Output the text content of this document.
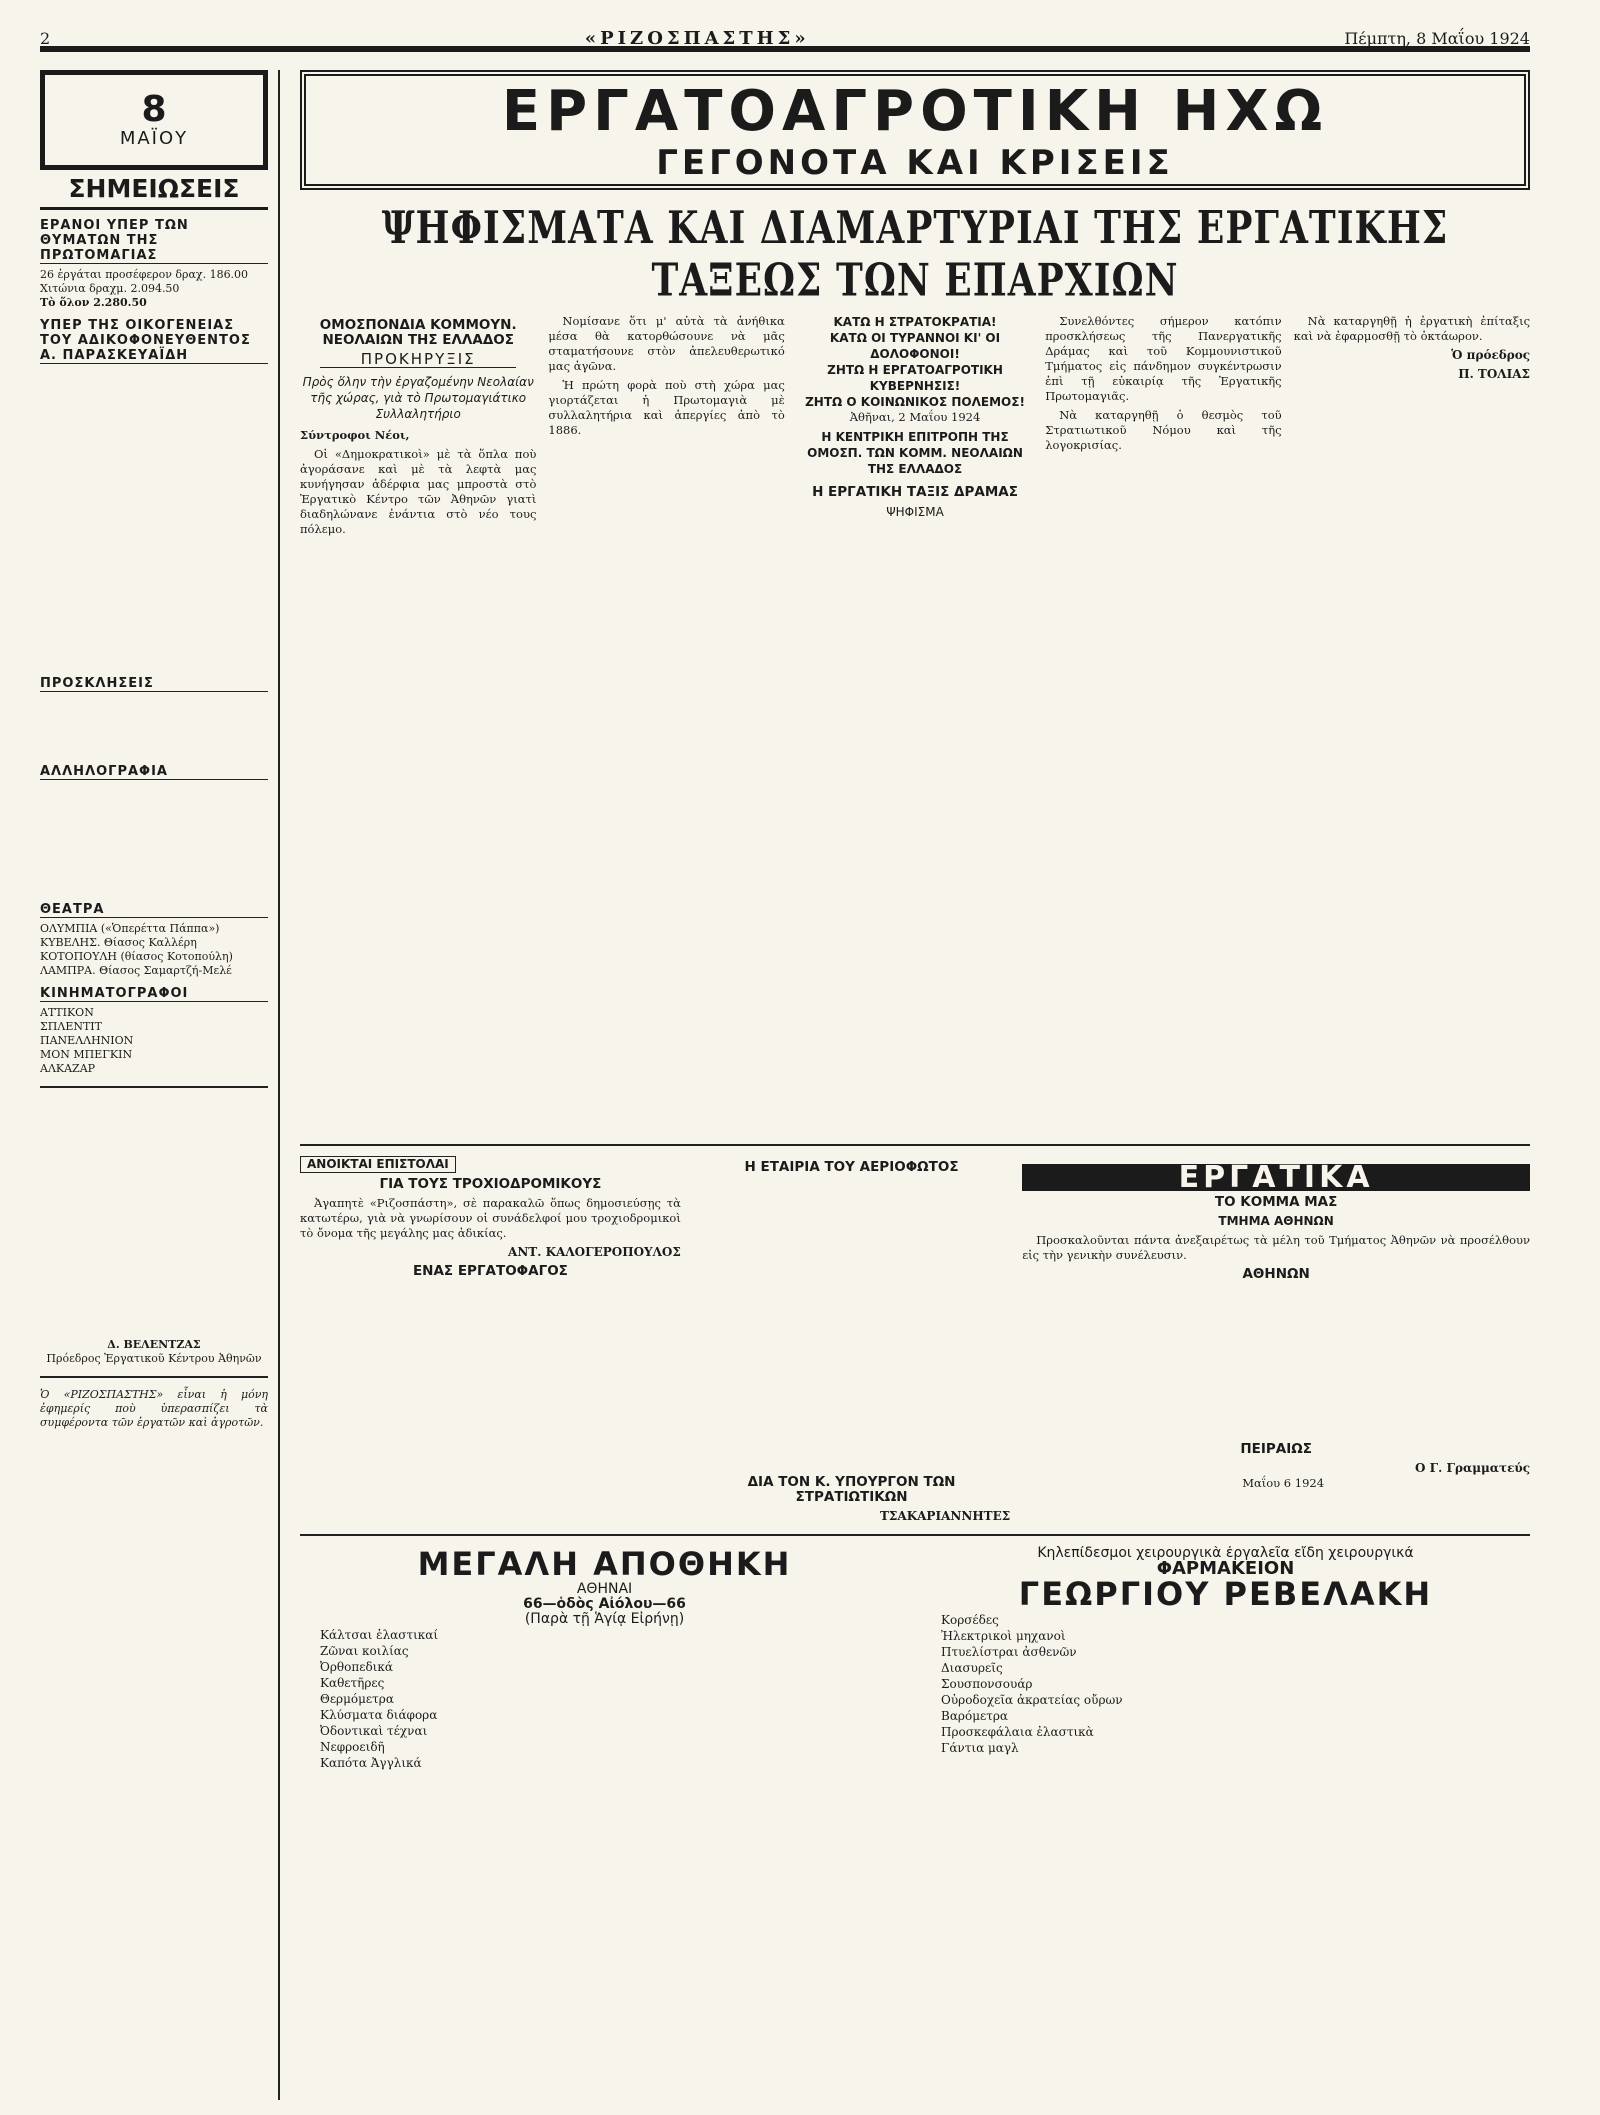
2	«ΡΙΖΟΣΠΑΣΤΗΣ»	Πέμπτη, 8 Μαΐου 1924
8
ΜΑΪΟΥ
ΣΗΜΕΙΩΣΕΙΣ
ΕΡΑΝΟΙ ΥΠΕΡ ΤΩΝ ΘΥΜΑΤΩΝ ΤΗΣ ΠΡΩΤΟΜΑΓΙΑΣ
26 ἐργάται προσέφερον δραχ. 186.00
Χιτώνια δραχμ. 2.094.50
Τὸ ὅλον 2.280.50
ΥΠΕΡ ΤΗΣ ΟΙΚΟΓΕΝΕΙΑΣ ΤΟΥ ΑΔΙΚΟΦΟΝΕΥΘΕΝΤΟΣ Α. ΠΑΡΑΣΚΕΥΑΪΔΗ
ΠΡΟΣΚΛΗΣΕΙΣ
ΑΛΛΗΛΟΓΡΑΦΙΑ
ΘΕΑΤΡΑ
ΟΛΥΜΠΙΑ («Ὁπερέττα Πάππα»)
ΚΥΒΕΛΗΣ. Θίασος Καλλέρη
ΚΟΤΟΠΟΥΛΗ (θίασος Κοτοπούλη)
ΛΑΜΠΡΑ. Θίασος Σαμαρτζή-Μελέ
ΚΙΝΗΜΑΤΟΓΡΑΦΟΙ
ΑΤΤΙΚΟΝ
ΣΠΛΕΝΤΙΤ
ΠΑΝΕΛΛΗΝΙΟΝ
ΜΟΝ ΜΠΕΓΚΙΝ
ΑΛΚΑΖΑΡ
Δ. ΒΕΛΕΝΤΖΑΣ
Πρόεδρος Ἐργατικοῦ Κέντρου Ἀθηνῶν
Ὁ «ΡΙΖΟΣΠΑΣΤΗΣ» εἶναι ἡ μόνη ἐφημερίς ποὺ ὑπερασπίζει τὰ συμφέροντα τῶν ἐργατῶν καὶ ἀγροτῶν.
ΕΡΓΑΤΟΑΓΡΟΤΙΚΗ ΗΧΩ
ΓΕΓΟΝΟΤΑ ΚΑΙ ΚΡΙΣΕΙΣ
ΨΗΦΙΣΜΑΤΑ ΚΑΙ ΔΙΑΜΑΡΤΥΡΙΑΙ ΤΗΣ ΕΡΓΑΤΙΚΗΣ ΤΑΞΕΩΣ ΤΩΝ ΕΠΑΡΧΙΩΝ
ΟΜΟΣΠΟΝΔΙΑ ΚΟΜΜΟΥΝ. ΝΕΟΛΑΙΩΝ ΤΗΣ ΕΛΛΑΔΟΣ
ΠΡΟΚΗΡΥΞΙΣ
Πρὸς ὅλην τὴν ἐργαζομένην Νεολαίαν τῆς χώρας, γιὰ τὸ Πρωτομαγιάτικο Συλλαλητήριο

Σύντροφοι Νέοι,

Οἱ «Δημοκρατικοὶ» μὲ τὰ ὅπλα ποὺ ἀγοράσανε καὶ μὲ τὰ λεφτὰ μας κυνήγησαν ἀδέρφια μας μπροστὰ στὸ Ἐργατικὸ Κέντρο τῶν Ἀθηνῶν γιατὶ διαδηλώνανε ἐνάντια στὸ νέο τους πόλεμο.

Νομίσανε ὅτι μ' αὐτὰ τὰ ἀνήθικα μέσα θὰ κατορθώσουνε νὰ μᾶς σταματήσουνε στὸν ἀπελευθερωτικό μας ἀγῶνα.

Ἡ πρώτη φορὰ ποὺ στὴ χώρα μας γιορτάζεται ἡ Πρωτομαγιὰ μὲ συλλαλητήρια καὶ ἀπεργίες ἀπὸ τὸ 1886.

ΚΑΤΩ Η ΣΤΡΑΤΟΚΡΑΤΙΑ!
ΚΑΤΩ ΟΙ ΤΥΡΑΝΝΟΙ ΚΙ' ΟΙ ΔΟΛΟΦΟΝΟΙ!
ΖΗΤΩ Η ΕΡΓΑΤΟΑΓΡΟΤΙΚΗ ΚΥΒΕΡΝΗΣΙΣ!
ΖΗΤΩ Ο ΚΟΙΝΩΝΙΚΟΣ ΠΟΛΕΜΟΣ!

Ἀθῆναι, 2 Μαΐου 1924

Η ΚΕΝΤΡΙΚΗ ΕΠΙΤΡΟΠΗ ΤΗΣ ΟΜΟΣΠ. ΤΩΝ ΚΟΜΜ. ΝΕΟΛΑΙΩΝ ΤΗΣ ΕΛΛΑΔΟΣ
Η ΕΡΓΑΤΙΚΗ ΤΑΞΙΣ ΔΡΑΜΑΣ
ΨΗΦΙΣΜΑ

Συνελθόντες σήμερον κατόπιν προσκλήσεως τῆς Πανεργατικῆς Δράμας καὶ τοῦ Κομμουνιστικοῦ Τμήματος εἰς πάνδημον συγκέντρωσιν ἐπὶ τῇ εὐκαιρίᾳ τῆς Ἐργατικῆς Πρωτομαγιᾶς.

Νὰ καταργηθῇ ὁ θεσμὸς τοῦ Στρατιωτικοῦ Νόμου καὶ τῆς λογοκρισίας.

Νὰ καταργηθῇ ἡ ἐργατικὴ ἐπίταξις καὶ νὰ ἐφαρμοσθῇ τὸ ὀκτάωρον.

Ὁ πρόεδρος
Π. ΤΟΛΙΑΣ
ΑΝΟΙΚΤΑΙ ΕΠΙΣΤΟΛΑΙ
ΓΙΑ ΤΟΥΣ ΤΡΟΧΙΟΔΡΟΜΙΚΟΥΣ

Ἀγαπητὲ «Ριζοσπάστη», σὲ παρακαλῶ ὅπως δημοσιεύσῃς τὰ κατωτέρω, γιὰ νὰ γνωρίσουν οἱ συνάδελφοί μου τροχιοδρομικοὶ τὸ ὄνομα τῆς μεγάλης μας ἀδικίας.

ΑΝΤ. ΚΑΛΟΓΕΡΟΠΟΥΛΟΣ
ΕΝΑΣ ΕΡΓΑΤΟΦΑΓΟΣ
Η ΕΤΑΙΡΙΑ ΤΟΥ ΑΕΡΙΟΦΩΤΟΣ
ΔΙΑ ΤΟΝ Κ. ΥΠΟΥΡΓΟΝ ΤΩΝ ΣΤΡΑΤΙΩΤΙΚΩΝ
ΤΣΑΚΑΡΙΑΝΝΗΤΕΣ
ΕΡΓΑΤΙΚΑ
ΤΟ ΚΟΜΜΑ ΜΑΣ
ΤΜΗΜΑ ΑΘΗΝΩΝ

Προσκαλοῦνται πάντα ἀνεξαιρέτως τὰ μέλη τοῦ Τμήματος Ἀθηνῶν νὰ προσέλθουν εἰς τὴν γενικὴν συνέλευσιν.

ΑΘΗΝΩΝ
ΠΕΙΡΑΙΩΣ
Ο Γ. Γραμματεύς

Μαΐου 6 1924

ΜΕΓΑΛΗ ΑΠΟΘΗΚΗ
ΑΘΗΝΑΙ
66—ὁδὸς Αἰόλου—66
(Παρὰ τῇ Ἁγίᾳ Εἰρήνῃ)
Κάλτσαι ἐλαστικαί
Ζῶναι κοιλίας
Ὀρθοπεδικά
Καθετῆρες
Θερμόμετρα
Κλύσματα διάφορα
Ὀδοντικαὶ τέχναι
Νεφροειδῆ
Καπότα Ἀγγλικά
Κηλεπίδεσμοι χειρουργικὰ ἐργαλεῖα εἴδη χειρουργικά
ΦΑΡΜΑΚΕΙΟΝ
ΓΕΩΡΓΙΟΥ ΡΕΒΕΛΑΚΗ
Κορσέδες
Ἠλεκτρικοὶ μηχανοὶ
Πτυελίστραι ἀσθενῶν
Διασυρεῖς
Σουσπονσουάρ
Οὐροδοχεῖα ἀκρατείας οὔρων
Βαρόμετρα
Προσκεφάλαια ἐλαστικὰ
Γάντια μαγλ
